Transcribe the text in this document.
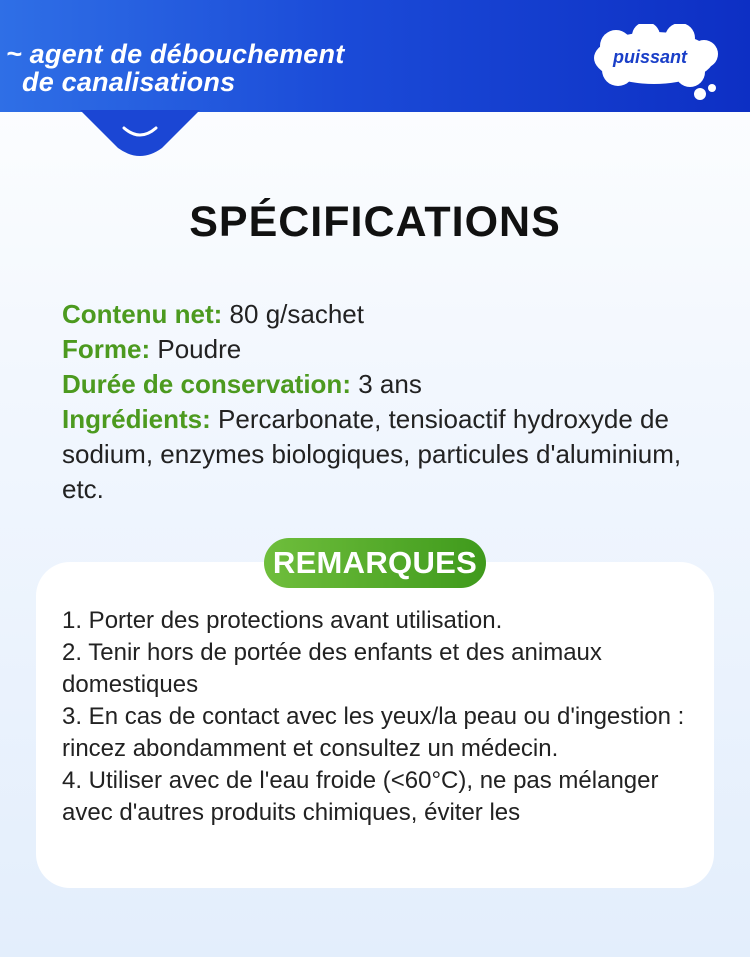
~ agent de débouchement
de canalisations
puissant
SPÉCIFICATIONS
Contenu net: 80 g/sachet
Forme: Poudre
Durée de conservation: 3 ans
Ingrédients: Percarbonate, tensioactif hydroxyde de sodium, enzymes biologiques, particules d'aluminium, etc.
REMARQUES
1. Porter des protections avant utilisation.
2. Tenir hors de portée des enfants et des animaux domestiques
3. En cas de contact avec les yeux/la peau ou d'ingestion : rincez abondamment et consultez un médecin.
4. Utiliser avec de l'eau froide (<60°C), ne pas mélanger avec d'autres produits chimiques, éviter les
